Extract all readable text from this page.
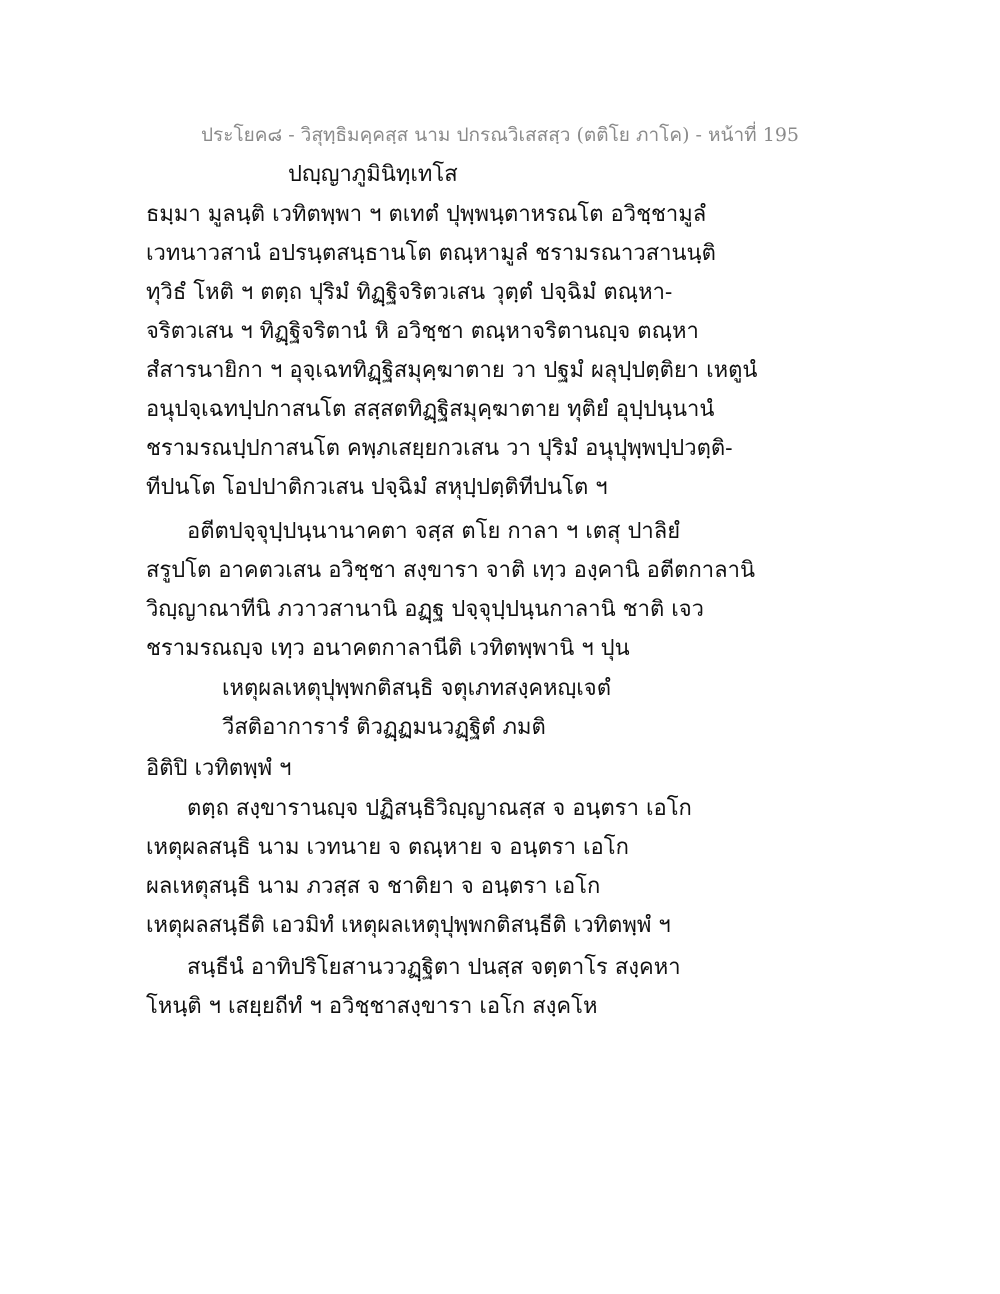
ประโยค๘ - วิสุทฺธิมคฺคสฺส นาม ปกรณวิเสสสฺว (ตติโย ภาโค) - หน้าที่ 195
ปญฺญาภูมินิทฺเทโส
ธมฺมา มูลนฺติ เวทิตพฺพา ฯ ตเทตํ ปุพฺพนฺตาหรณโต อวิชฺชามูลํ
เวทนาวสานํ อปรนฺตสนฺธานโต ตณฺหามูลํ ชรามรณาวสานนฺติ
ทุวิธํ โหติ ฯ ตตฺถ ปุริมํ ทิฏฺฐิจริตวเสน วุตฺตํ ปจฺฉิมํ ตณฺหา-
จริตวเสน ฯ ทิฏฺฐิจริตานํ หิ อวิชฺชา ตณฺหาจริตานญฺจ ตณฺหา
สํสารนายิกา ฯ อุจฺเฉททิฏฺฐิสมุคฺฆาตาย วา ปฐมํ ผลุปฺปตฺติยา เหตูนํ
อนุปจฺเฉทปฺปกาสนโต สสฺสตทิฏฺฐิสมุคฺฆาตาย ทุติยํ อุปฺปนฺนานํ
ชรามรณปฺปกาสนโต คพฺภเสยฺยกวเสน วา ปุริมํ อนุปุพฺพปฺปวตฺติ-
ทีปนโต โอปปาติกวเสน ปจฺฉิมํ สหุปฺปตฺติทีปนโต ฯ
อตีตปจฺจุปฺปนฺนานาคตา จสฺส ตโย กาลา ฯ เตสุ ปาลิยํ
สรูปโต อาคตวเสน อวิชฺชา สงฺขารา จาติ เทฺว องฺคานิ อตีตกาลานิ
วิญฺญาณาทีนิ ภวาวสานานิ อฏฺฐ ปจฺจุปฺปนฺนกาลานิ ชาติ เจว
ชรามรณญฺจ เทฺว อนาคตกาลานีติ เวทิตพฺพานิ ฯ ปุน
เหตุผลเหตุปุพฺพกติสนฺธิ จตุเภทสงฺคหญฺเจตํ
วีสติอาการารํ ติวฏฺฏมนวฏฺฐิตํ ภมติ
อิติปิ เวทิตพฺพํ ฯ
ตตฺถ สงฺขารานญฺจ ปฏิสนฺธิวิญฺญาณสฺส จ อนฺตรา เอโก
เหตุผลสนฺธิ นาม เวทนาย จ ตณฺหาย จ อนฺตรา เอโก
ผลเหตุสนฺธิ นาม ภวสฺส จ ชาติยา จ อนฺตรา เอโก
เหตุผลสนฺธีติ เอวมิทํ เหตุผลเหตุปุพฺพกติสนฺธีติ เวทิตพฺพํ ฯ
สนฺธีนํ อาทิปริโยสานววฏฺฐิตา ปนสฺส จตฺตาโร สงฺคหา
โหนฺติ ฯ เสยฺยถีทํ ฯ อวิชฺชาสงฺขารา เอโก สงฺคโห
